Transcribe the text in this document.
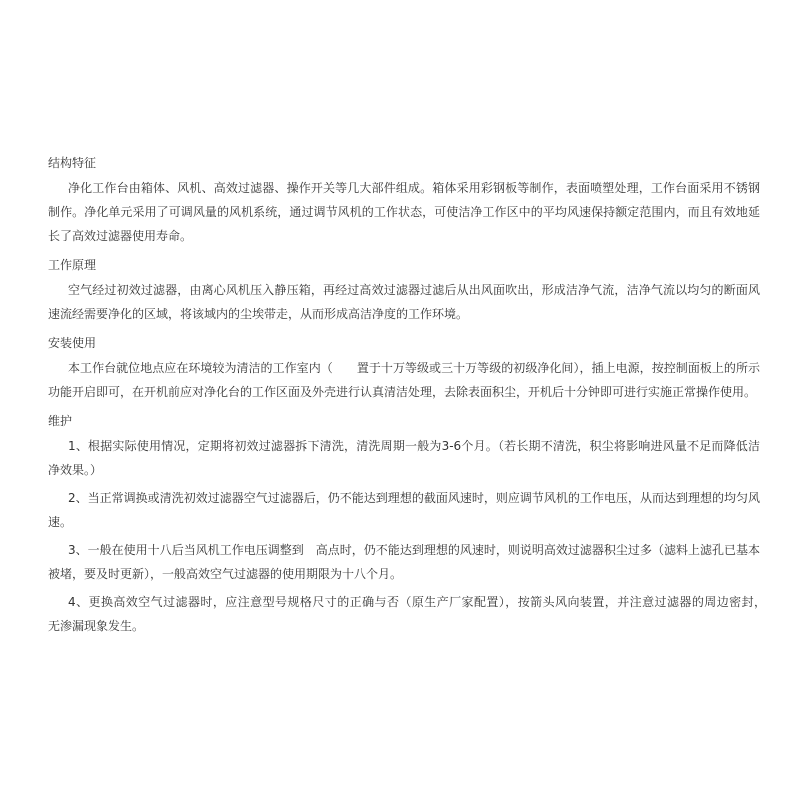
结构特征

净化工作台由箱体、风机、高效过滤器、操作开关等几大部件组成。箱体采用彩钢板等制作，表面喷塑处理，工作台面采用不锈钢制作。净化单元采用了可调风量的风机系统，通过调节风机的工作状态，可使洁净工作区中的平均风速保持额定范围内，而且有效地延长了高效过滤器使用寿命。

工作原理

空气经过初效过滤器，由离心风机压入静压箱，再经过高效过滤器过滤后从出风面吹出，形成洁净气流，洁净气流以均匀的断面风速流经需要净化的区域，将该域内的尘埃带走，从而形成高洁净度的工作环境。

安装使用

本工作台就位地点应在环境较为清洁的工作室内（　　置于十万等级或三十万等级的初级净化间），插上电源，按控制面板上的所示功能开启即可，在开机前应对净化台的工作区面及外壳进行认真清洁处理，去除表面积尘，开机后十分钟即可进行实施正常操作使用。

维护

1、根据实际使用情况，定期将初效过滤器拆下清洗，清洗周期一般为3-6个月。（若长期不清洗，积尘将影响进风量不足而降低洁净效果。）

2、当正常调换或清洗初效过滤器空气过滤器后，仍不能达到理想的截面风速时，则应调节风机的工作电压，从而达到理想的均匀风速。

3、一般在使用十八后当风机工作电压调整到　高点时，仍不能达到理想的风速时，则说明高效过滤器积尘过多（滤料上滤孔已基本被堵，要及时更新），一般高效空气过滤器的使用期限为十八个月。

4、更换高效空气过滤器时，应注意型号规格尺寸的正确与否（原生产厂家配置），按箭头风向装置，并注意过滤器的周边密封，　　无渗漏现象发生。
